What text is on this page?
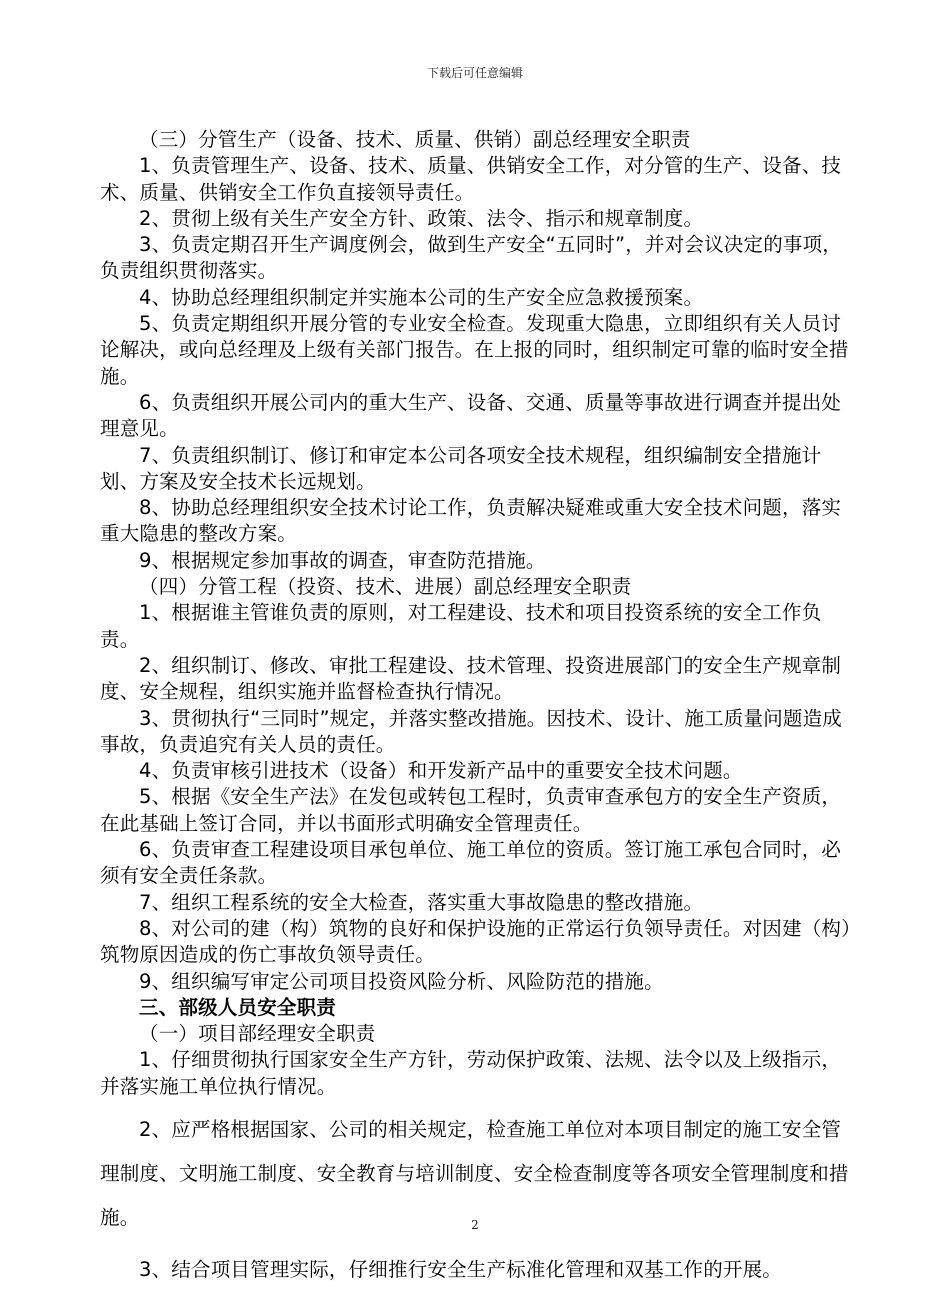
下载后可任意编辑

（三）分管生产（设备、技术、质量、供销）副总经理安全职责

1、负责管理生产、设备、技术、质量、供销安全工作，对分管的生产、设备、技术、质量、供销安全工作负直接领导责任。

2、贯彻上级有关生产安全方针、政策、法令、指示和规章制度。

3、负责定期召开生产调度例会，做到生产安全“五同时”，并对会议决定的事项，负责组织贯彻落实。

4、协助总经理组织制定并实施本公司的生产安全应急救援预案。

5、负责定期组织开展分管的专业安全检查。发现重大隐患，立即组织有关人员讨论解决，或向总经理及上级有关部门报告。在上报的同时，组织制定可靠的临时安全措施。

6、负责组织开展公司内的重大生产、设备、交通、质量等事故进行调查并提出处理意见。

7、负责组织制订、修订和审定本公司各项安全技术规程，组织编制安全措施计划、方案及安全技术长远规划。

8、协助总经理组织安全技术讨论工作，负责解决疑难或重大安全技术问题，落实重大隐患的整改方案。

9、根据规定参加事故的调查，审查防范措施。

（四）分管工程（投资、技术、进展）副总经理安全职责

1、根据谁主管谁负责的原则，对工程建设、技术和项目投资系统的安全工作负责。

2、组织制订、修改、审批工程建设、技术管理、投资进展部门的安全生产规章制度、安全规程，组织实施并监督检查执行情况。

3、贯彻执行“三同时”规定，并落实整改措施。因技术、设计、施工质量问题造成事故，负责追究有关人员的责任。

4、负责审核引进技术（设备）和开发新产品中的重要安全技术问题。

5、根据《安全生产法》在发包或转包工程时，负责审查承包方的安全生产资质，在此基础上签订合同，并以书面形式明确安全管理责任。

6、负责审查工程建设项目承包单位、施工单位的资质。签订施工承包合同时，必须有安全责任条款。

7、组织工程系统的安全大检查，落实重大事故隐患的整改措施。

8、对公司的建（构）筑物的良好和保护设施的正常运行负领导责任。对因建（构）筑物原因造成的伤亡事故负领导责任。

9、组织编写审定公司项目投资风险分析、风险防范的措施。

三、部级人员安全职责

（一）项目部经理安全职责

1、仔细贯彻执行国家安全生产方针，劳动保护政策、法规、法令以及上级指示，并落实施工单位执行情况。

2、应严格根据国家、公司的相关规定，检查施工单位对本项目制定的施工安全管理制度、文明施工制度、安全教育与培训制度、安全检查制度等各项安全管理制度和措施。

3、结合项目管理实际，仔细推行安全生产标准化管理和双基工作的开展。

2
